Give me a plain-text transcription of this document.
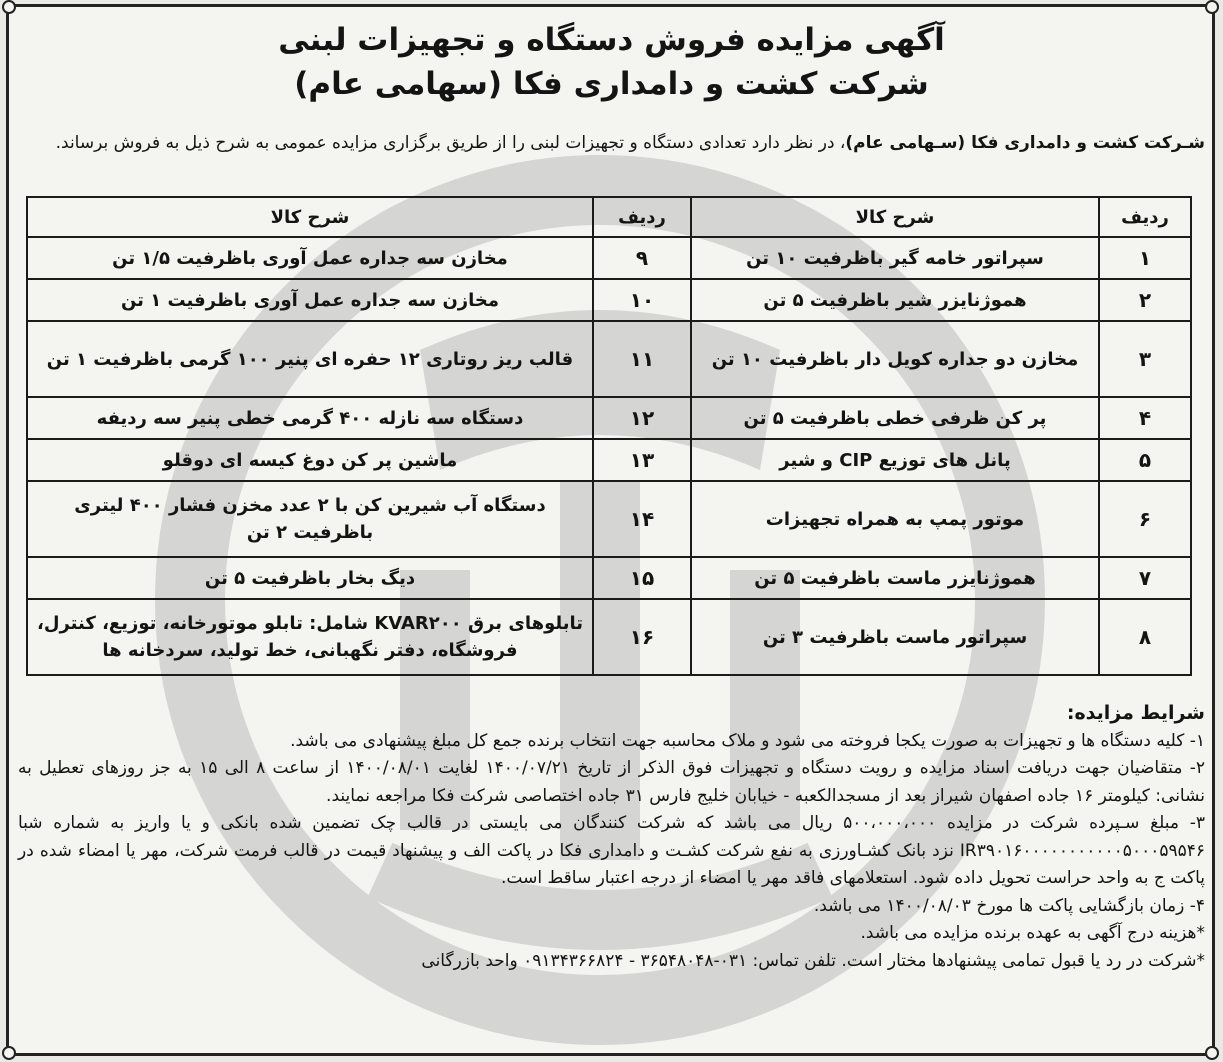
آگهی مزایده فروش دستگاه و تجهیزات لبنی
شرکت کشت و دامداری فکا (سهامی عام)
شـرکت کشت و دامداری فکا (سـهامی عام)، در نظر دارد تعدادی دستگاه و تجهیزات لبنی را از طریق برگزاری مزایده عمومی به شرح ذیل به فروش برساند.
ردیف	شرح کالا	ردیف	شرح کالا
۱	سپراتور خامه گیر باظرفیت ۱۰ تن	۹	مخازن سه جداره عمل آوری باظرفیت ۱/۵ تن
۲	هموژنایزر شیر باظرفیت ۵ تن	۱۰	مخازن سه جداره عمل آوری باظرفیت ۱ تن
۳	مخازن دو جداره کویل دار باظرفیت ۱۰ تن	۱۱	قالب ریز روتاری ۱۲ حفره ای پنیر ۱۰۰ گرمی باظرفیت ۱ تن
۴	پر کن ظرفی خطی باظرفیت ۵ تن	۱۲	دستگاه سه نازله ۴۰۰ گرمی خطی پنیر سه ردیفه
۵	پانل های توزیع CIP و شیر	۱۳	ماشین پر کن دوغ کیسه ای دوقلو
۶	موتور پمپ به همراه تجهیزات	۱۴	دستگاه آب شیرین کن با ۲ عدد مخزن فشار ۴۰۰ لیتری باظرفیت ۲ تن
۷	هموژنایزر ماست باظرفیت ۵ تن	۱۵	دیگ بخار باظرفیت ۵ تن
۸	سپراتور ماست باظرفیت ۳ تن	۱۶	تابلوهای برق KVAR۲۰۰ شامل: تابلو موتورخانه، توزیع، کنترل، فروشگاه، دفتر نگهبانی، خط تولید، سردخانه ها
شرایط مزایده:

۱- کلیه دستگاه ها و تجهیزات به صورت یکجا فروخته می شود و ملاک محاسبه جهت انتخاب برنده جمع کل مبلغ پیشنهادی می باشد.

۲- متقاضیان جهت دریافت اسناد مزایده و رویت دستگاه و تجهیزات فوق الذکر از تاریخ ۱۴۰۰/۰۷/۲۱ لغایت ۱۴۰۰/۰۸/۰۱ از ساعت ۸ الی ۱۵ به جز روزهای تعطیل به نشانی: کیلومتر ۱۶ جاده اصفهان شیراز بعد از مسجدالکعبه - خیابان خلیج فارس ۳۱ جاده اختصاصی شرکت فکا مراجعه نمایند.

۳- مبلغ سـپرده شرکت در مزایده ۵۰۰،۰۰۰،۰۰۰ ریال می باشد که شرکت کنندگان می بایستی در قالب چک تضمین شده بانکی و یا واریز به شماره شبا IR۳۹۰۱۶۰۰۰۰۰۰۰۰۰۰۰۵۰۰۰۵۹۵۴۶ نزد بانک کشـاورزی به نفع شرکت کشـت و دامداری فکا در پاکت الف و پیشنهاد قیمت در قالب فرمت شرکت، مهر یا امضاء شده در پاکت ج به واحد حراست تحویل داده شود. استعلامهای فاقد مهر یا امضاء از درجه اعتبار ساقط است.

۴- زمان بازگشایی پاکت ها مورخ ۱۴۰۰/۰۸/۰۳ می باشد.

*هزینه درج آگهی به عهده برنده مزایده می باشد.

*شرکت در رد یا قبول تمامی پیشنهادها مختار است. تلفن تماس: ۰۳۱-۳۶۵۴۸۰۴۸ - ۰۹۱۳۴۳۶۶۸۲۴ واحد بازرگانی
